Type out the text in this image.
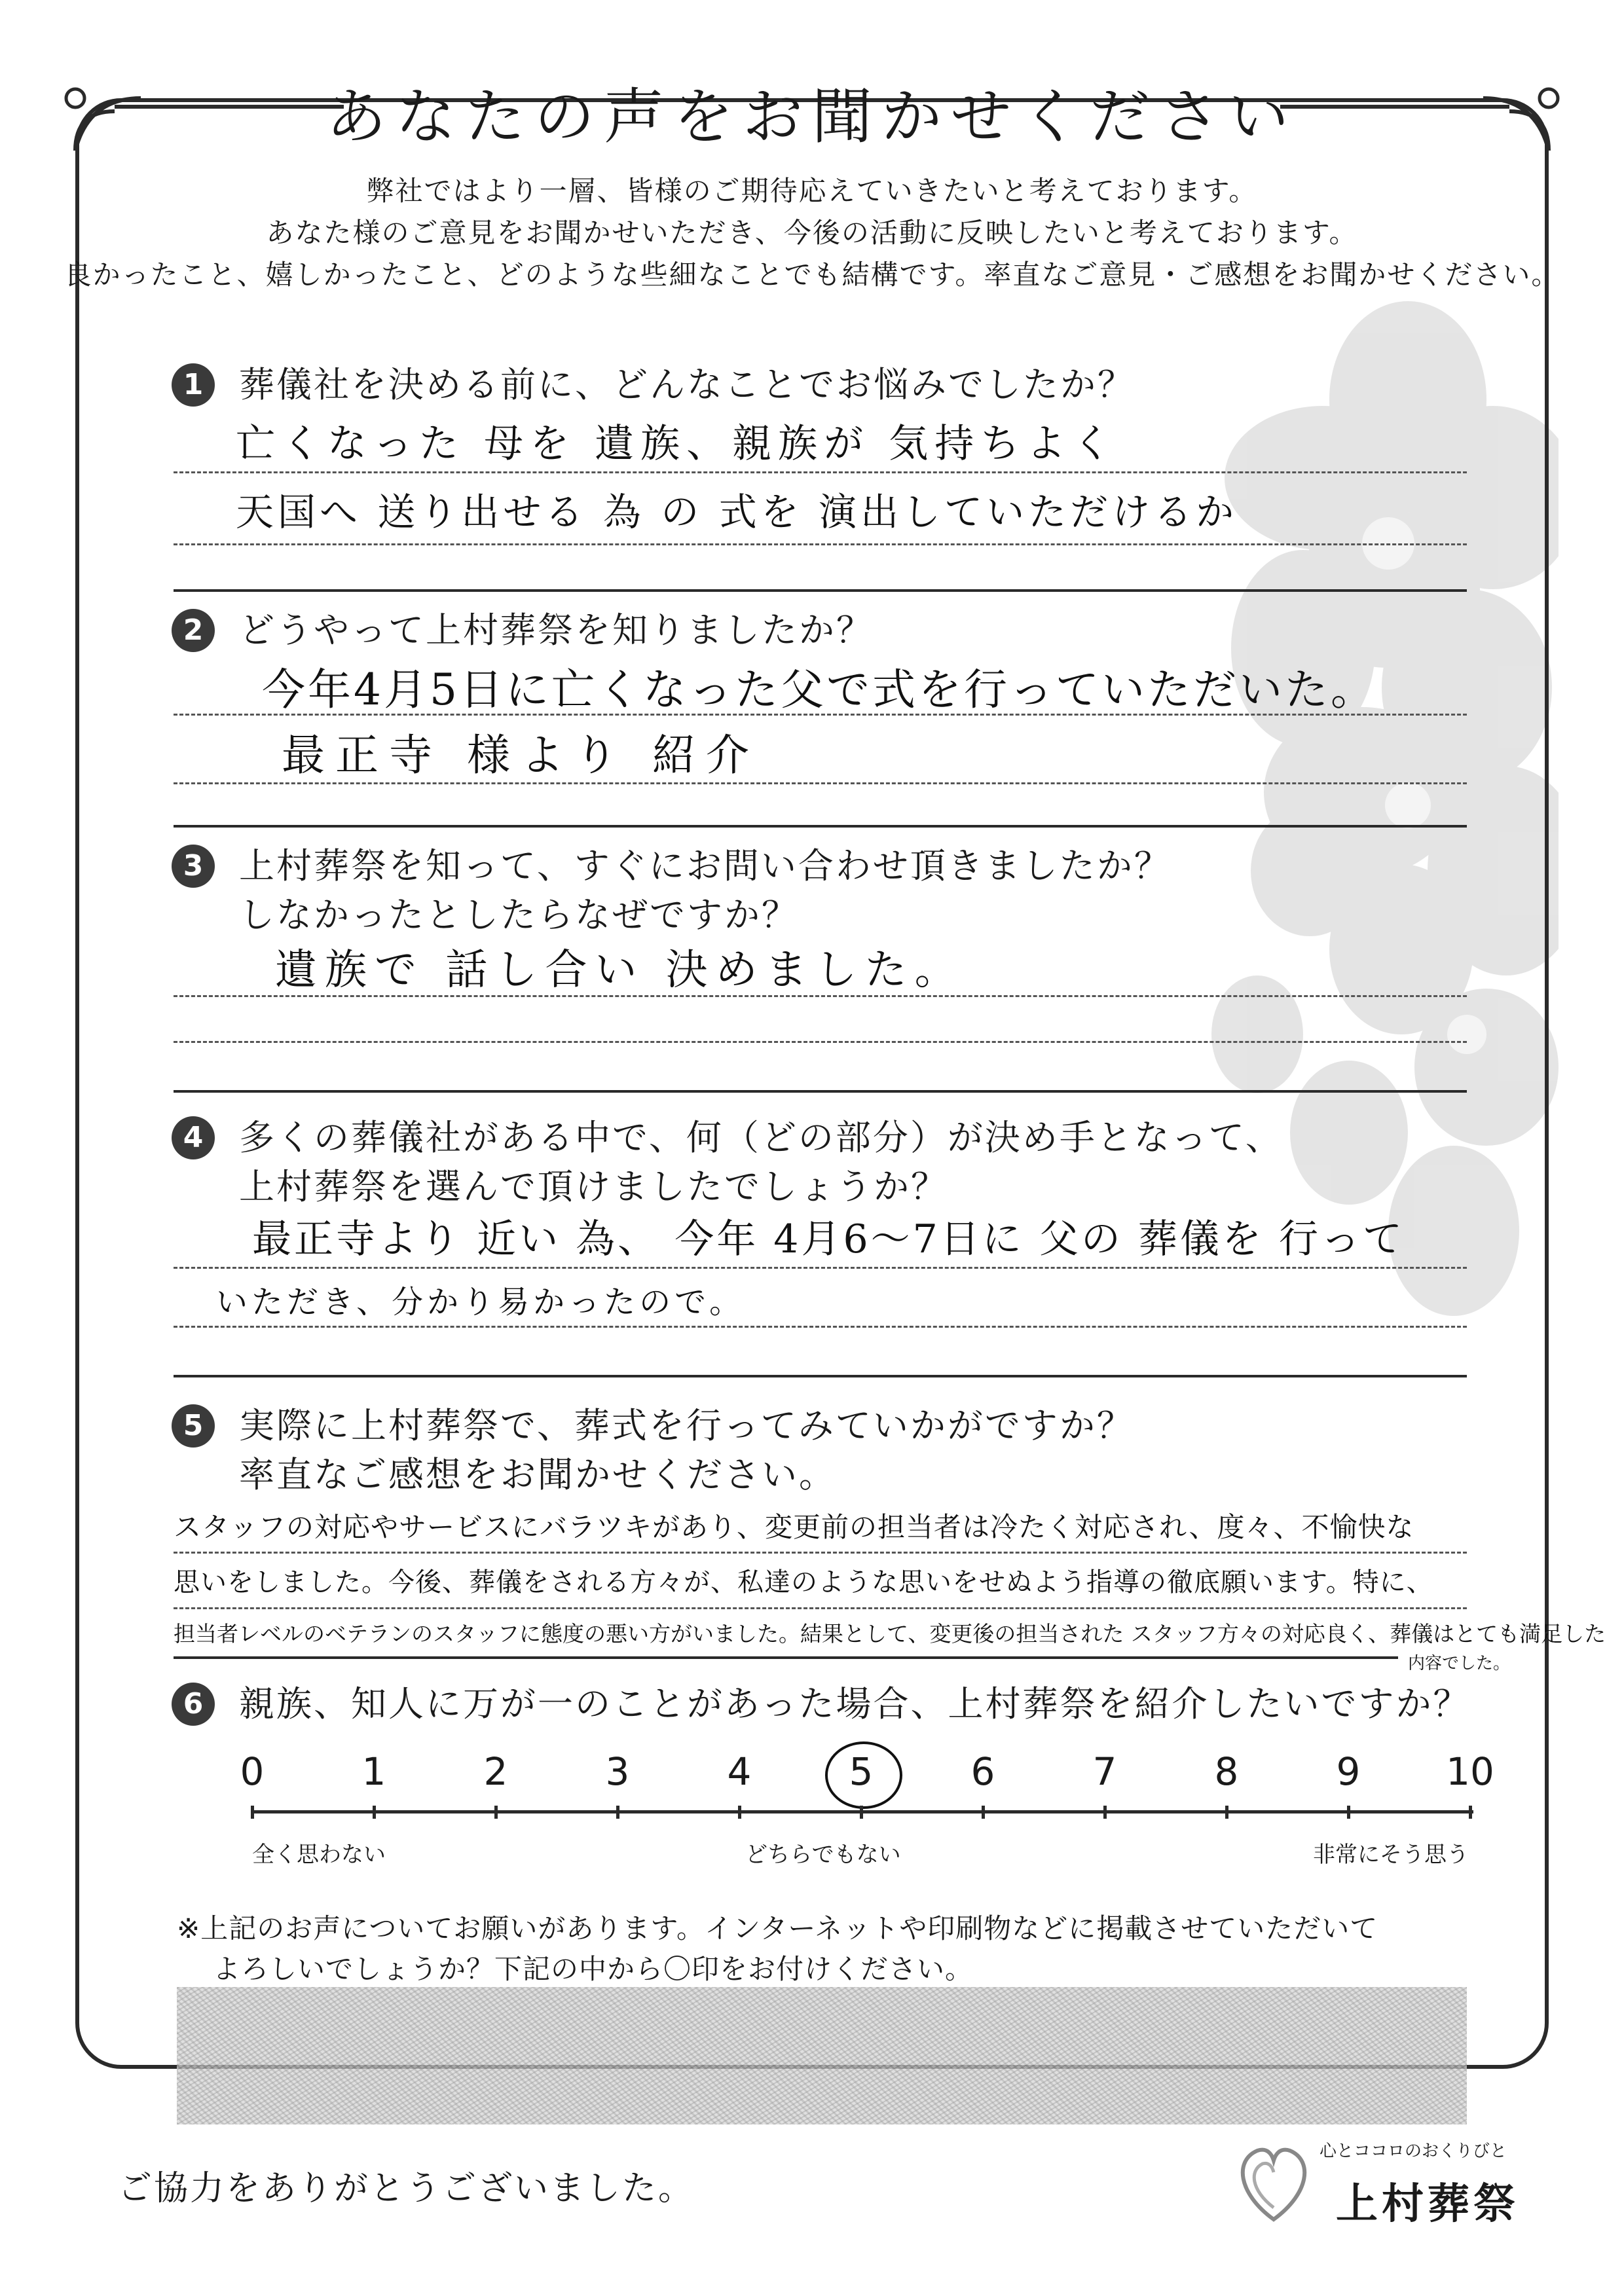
あなたの声をお聞かせください
弊社ではより一層、皆様のご期待応えていきたいと考えております。
あなた様のご意見をお聞かせいただき、今後の活動に反映したいと考えております。
良かったこと、嬉しかったこと、どのような些細なことでも結構です。率直なご意見・ご感想をお聞かせください。
1	葬儀社を決める前に、どんなことでお悩みでしたか？
亡くなった 母を 遺族、親族が 気持ちよく
天国へ 送り出せる 為 の 式を 演出していただけるか
2	どうやって上村葬祭を知りましたか？
今年4月5日に亡くなった父で式を行っていただいた。
最正寺 様より 紹介
3	上村葬祭を知って、すぐにお問い合わせ頂きましたか？
しなかったとしたらなぜですか？
遺族で 話し合い 決めました。
4	多くの葬儀社がある中で、何（どの部分）が決め手となって、
上村葬祭を選んで頂けましたでしょうか？
最正寺より 近い 為、 今年 4月6〜7日に 父の 葬儀を 行って
いただき、分かり易かったので。
5	実際に上村葬祭で、葬式を行ってみていかがですか？
率直なご感想をお聞かせください。
スタッフの対応やサービスにバラツキがあり、変更前の担当者は冷たく対応され、度々、不愉快な
思いをしました。今後、葬儀をされる方々が、私達のような思いをせぬよう指導の徹底願います。特に、
担当者レベルのベテランのスタッフに態度の悪い方がいました。結果として、変更後の担当された スタッフ方々の対応良く、葬儀はとても満足した
内容でした。
6	親族、知人に万が一のことがあった場合、上村葬祭を紹介したいですか？
0	1	2	3	4	5	6	7	8	9	10
全く思わない	どちらでもない	非常にそう思う
※上記のお声についてお願いがあります。インターネットや印刷物などに掲載させていただいて
よろしいでしょうか？下記の中から〇印をお付けください。
ご協力をありがとうございました。
心とココロのおくりびと
上村葬祭
